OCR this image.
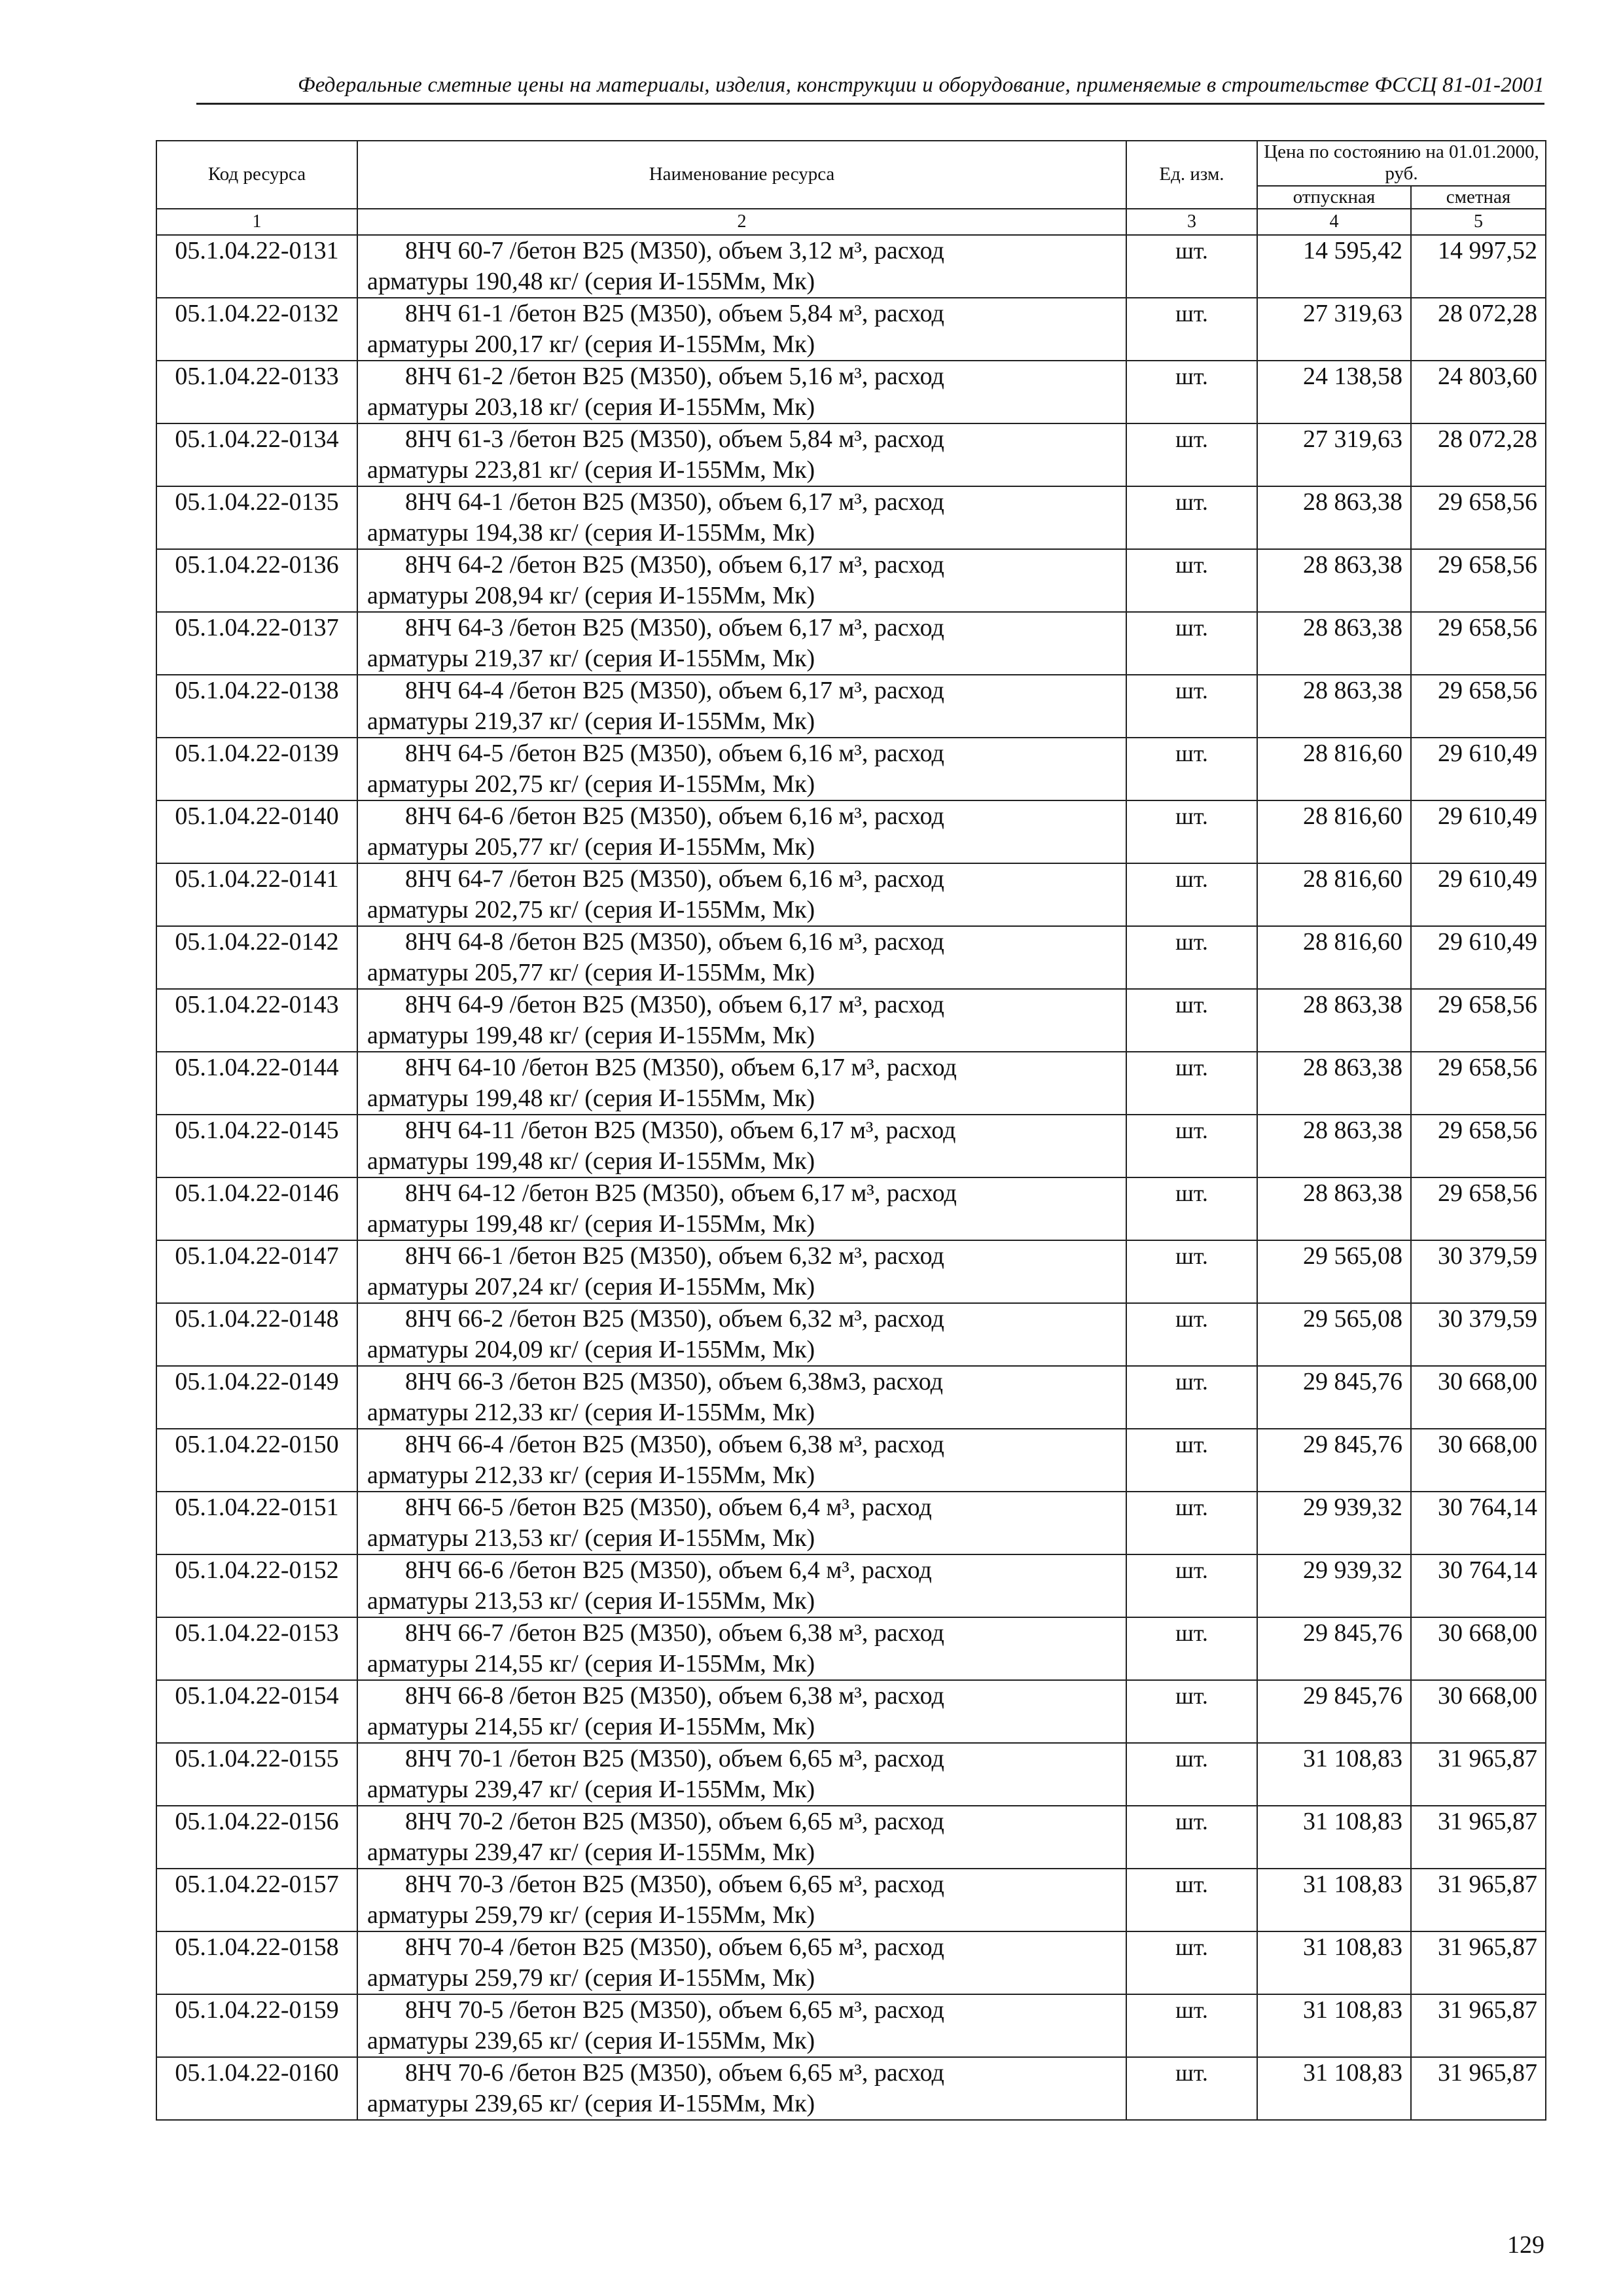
Федеральные сметные цены на материалы, изделия, конструкции и оборудование, применяемые в строительстве ФССЦ 81-01-2001
Код ресурса	Наименование ресурса	Ед. изм.	Цена по состоянию на 01.01.2000, руб.	
			отпускная	сметная
1	2	3	4	5
05.1.04.22-0131	8НЧ 60-7 /бетон В25 (М350), объем 3,12 м³, расход
арматуры 190,48 кг/ (серия И-155Мм, Мк)	шт.	14 595,42	14 997,52
05.1.04.22-0132	8НЧ 61-1 /бетон В25 (М350), объем 5,84 м³, расход
арматуры 200,17 кг/ (серия И-155Мм, Мк)	шт.	27 319,63	28 072,28
05.1.04.22-0133	8НЧ 61-2 /бетон В25 (М350), объем 5,16 м³, расход
арматуры 203,18 кг/ (серия И-155Мм, Мк)	шт.	24 138,58	24 803,60
05.1.04.22-0134	8НЧ 61-3 /бетон В25 (М350), объем 5,84 м³, расход
арматуры 223,81 кг/ (серия И-155Мм, Мк)	шт.	27 319,63	28 072,28
05.1.04.22-0135	8НЧ 64-1 /бетон В25 (М350), объем 6,17 м³, расход
арматуры 194,38 кг/ (серия И-155Мм, Мк)	шт.	28 863,38	29 658,56
05.1.04.22-0136	8НЧ 64-2 /бетон В25 (М350), объем 6,17 м³, расход
арматуры 208,94 кг/ (серия И-155Мм, Мк)	шт.	28 863,38	29 658,56
05.1.04.22-0137	8НЧ 64-3 /бетон В25 (М350), объем 6,17 м³, расход
арматуры 219,37 кг/ (серия И-155Мм, Мк)	шт.	28 863,38	29 658,56
05.1.04.22-0138	8НЧ 64-4 /бетон В25 (М350), объем 6,17 м³, расход
арматуры 219,37 кг/ (серия И-155Мм, Мк)	шт.	28 863,38	29 658,56
05.1.04.22-0139	8НЧ 64-5 /бетон В25 (М350), объем 6,16 м³, расход
арматуры 202,75 кг/ (серия И-155Мм, Мк)	шт.	28 816,60	29 610,49
05.1.04.22-0140	8НЧ 64-6 /бетон В25 (М350), объем 6,16 м³, расход
арматуры 205,77 кг/ (серия И-155Мм, Мк)	шт.	28 816,60	29 610,49
05.1.04.22-0141	8НЧ 64-7 /бетон В25 (М350), объем 6,16 м³, расход
арматуры 202,75 кг/ (серия И-155Мм, Мк)	шт.	28 816,60	29 610,49
05.1.04.22-0142	8НЧ 64-8 /бетон В25 (М350), объем 6,16 м³, расход
арматуры 205,77 кг/ (серия И-155Мм, Мк)	шт.	28 816,60	29 610,49
05.1.04.22-0143	8НЧ 64-9 /бетон В25 (М350), объем 6,17 м³, расход
арматуры 199,48 кг/ (серия И-155Мм, Мк)	шт.	28 863,38	29 658,56
05.1.04.22-0144	8НЧ 64-10 /бетон В25 (М350), объем 6,17 м³, расход
арматуры 199,48 кг/ (серия И-155Мм, Мк)	шт.	28 863,38	29 658,56
05.1.04.22-0145	8НЧ 64-11 /бетон В25 (М350), объем 6,17 м³, расход
арматуры 199,48 кг/ (серия И-155Мм, Мк)	шт.	28 863,38	29 658,56
05.1.04.22-0146	8НЧ 64-12 /бетон В25 (М350), объем 6,17 м³, расход
арматуры 199,48 кг/ (серия И-155Мм, Мк)	шт.	28 863,38	29 658,56
05.1.04.22-0147	8НЧ 66-1 /бетон В25 (М350), объем 6,32 м³, расход
арматуры 207,24 кг/ (серия И-155Мм, Мк)	шт.	29 565,08	30 379,59
05.1.04.22-0148	8НЧ 66-2 /бетон В25 (М350), объем 6,32 м³, расход
арматуры 204,09 кг/ (серия И-155Мм, Мк)	шт.	29 565,08	30 379,59
05.1.04.22-0149	8НЧ 66-3 /бетон В25 (М350), объем 6,38м3, расход
арматуры 212,33 кг/ (серия И-155Мм, Мк)	шт.	29 845,76	30 668,00
05.1.04.22-0150	8НЧ 66-4 /бетон В25 (М350), объем 6,38 м³, расход
арматуры 212,33 кг/ (серия И-155Мм, Мк)	шт.	29 845,76	30 668,00
05.1.04.22-0151	8НЧ 66-5 /бетон В25 (М350), объем 6,4 м³, расход
арматуры 213,53 кг/ (серия И-155Мм, Мк)	шт.	29 939,32	30 764,14
05.1.04.22-0152	8НЧ 66-6 /бетон В25 (М350), объем 6,4 м³, расход
арматуры 213,53 кг/ (серия И-155Мм, Мк)	шт.	29 939,32	30 764,14
05.1.04.22-0153	8НЧ 66-7 /бетон В25 (М350), объем 6,38 м³, расход
арматуры 214,55 кг/ (серия И-155Мм, Мк)	шт.	29 845,76	30 668,00
05.1.04.22-0154	8НЧ 66-8 /бетон В25 (М350), объем 6,38 м³, расход
арматуры 214,55 кг/ (серия И-155Мм, Мк)	шт.	29 845,76	30 668,00
05.1.04.22-0155	8НЧ 70-1 /бетон В25 (М350), объем 6,65 м³, расход
арматуры 239,47 кг/ (серия И-155Мм, Мк)	шт.	31 108,83	31 965,87
05.1.04.22-0156	8НЧ 70-2 /бетон В25 (М350), объем 6,65 м³, расход
арматуры 239,47 кг/ (серия И-155Мм, Мк)	шт.	31 108,83	31 965,87
05.1.04.22-0157	8НЧ 70-3 /бетон В25 (М350), объем 6,65 м³, расход
арматуры 259,79 кг/ (серия И-155Мм, Мк)	шт.	31 108,83	31 965,87
05.1.04.22-0158	8НЧ 70-4 /бетон В25 (М350), объем 6,65 м³, расход
арматуры 259,79 кг/ (серия И-155Мм, Мк)	шт.	31 108,83	31 965,87
05.1.04.22-0159	8НЧ 70-5 /бетон В25 (М350), объем 6,65 м³, расход
арматуры 239,65 кг/ (серия И-155Мм, Мк)	шт.	31 108,83	31 965,87
05.1.04.22-0160	8НЧ 70-6 /бетон В25 (М350), объем 6,65 м³, расход
арматуры 239,65 кг/ (серия И-155Мм, Мк)	шт.	31 108,83	31 965,87
129
